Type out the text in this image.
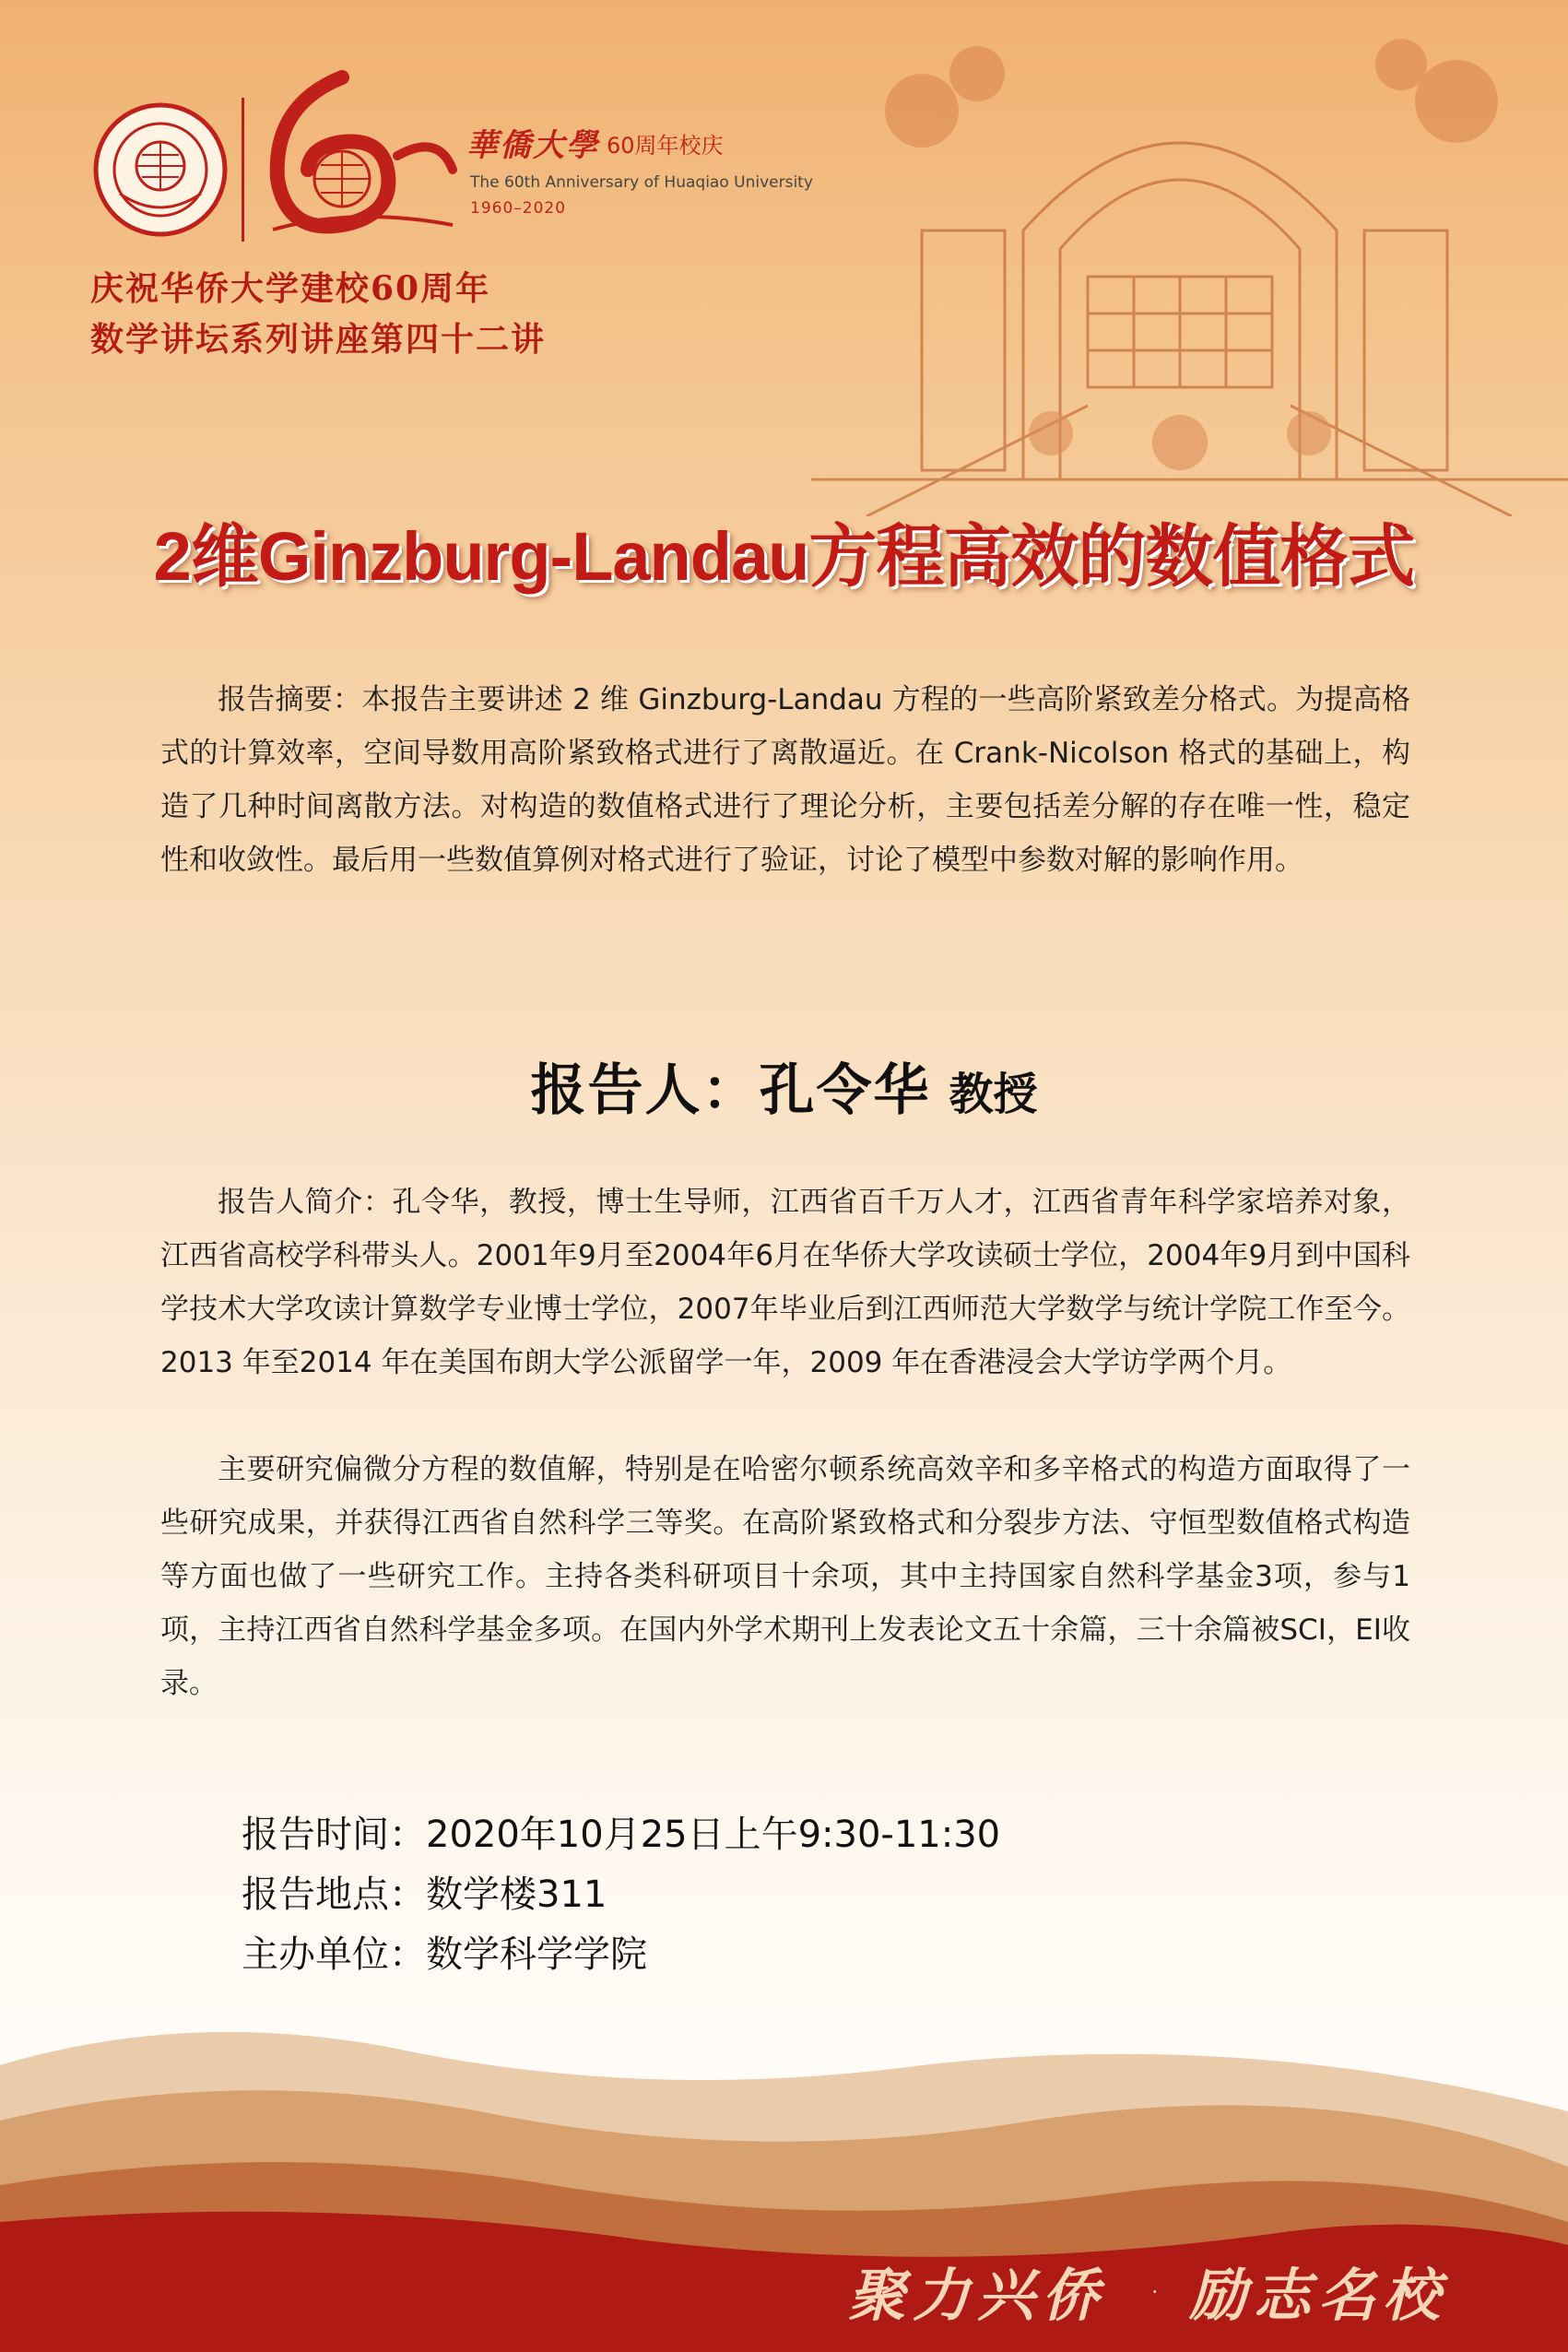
華僑大學 60周年校庆
The 60th Anniversary of Huaqiao University
1960–2020
庆祝华侨大学建校60周年
数学讲坛系列讲座第四十二讲
2维Ginzburg-Landau方程高效的数值格式
报告摘要：本报告主要讲述 2 维 Ginzburg-Landau 方程的一些高阶紧致差分格式。为提高格式的计算效率，空间导数用高阶紧致格式进行了离散逼近。在 Crank-Nicolson 格式的基础上，构造了几种时间离散方法。对构造的数值格式进行了理论分析，主要包括差分解的存在唯一性，稳定性和收敛性。最后用一些数值算例对格式进行了验证，讨论了模型中参数对解的影响作用。
报告人：孔令华 教授
报告人简介：孔令华，教授，博士生导师，江西省百千万人才，江西省青年科学家培养对象，江西省高校学科带头人。2001年9月至2004年6月在华侨大学攻读硕士学位，2004年9月到中国科学技术大学攻读计算数学专业博士学位，2007年毕业后到江西师范大学数学与统计学院工作至今。2013 年至2014 年在美国布朗大学公派留学一年，2009 年在香港浸会大学访学两个月。
主要研究偏微分方程的数值解，特别是在哈密尔顿系统高效辛和多辛格式的构造方面取得了一些研究成果，并获得江西省自然科学三等奖。在高阶紧致格式和分裂步方法、守恒型数值格式构造等方面也做了一些研究工作。主持各类科研项目十余项，其中主持国家自然科学基金3项，参与1项，主持江西省自然科学基金多项。在国内外学术期刊上发表论文五十余篇，三十余篇被SCI，EI收录。
报告时间：2020年10月25日上午9:30-11:30
报告地点：数学楼311
主办单位：数学科学学院
聚力兴侨 · 励志名校
